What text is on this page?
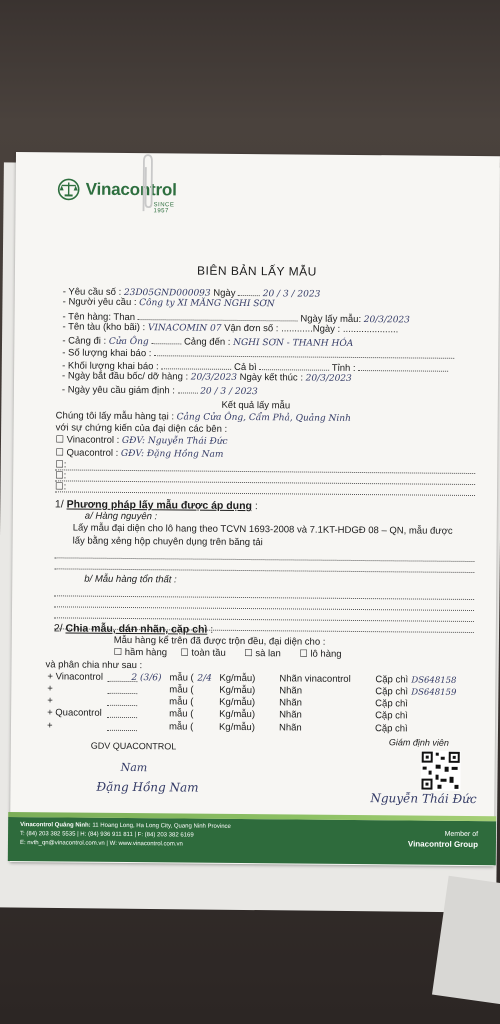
Vinacontrol
SINCE 1957
BIÊN BẢN LẤY MẪU
- Yêu cầu số : 23D05GND000093 Ngày	20 / 3 / 2023
- Người yêu cầu : Công ty XI MĂNG NGHI SƠN
- Tên hàng: Than	Ngày lấy mẫu: 20/3/2023
- Tên tàu (kho bãi) : VINACOMIN 07 Vận đơn số : ............Ngày : .....................
- Cảng đi : Cửa Ông	Cảng đến : NGHI SƠN - THANH HÓA
- Số lượng khai báo :
- Khối lượng khai báo :	Cả bì	Tỉnh :
- Ngày bắt đầu bốc/ dỡ hàng : 20/3/2023 Ngày kết thúc : 20/3/2023
- Ngày yêu cầu giám định :	20 / 3 / 2023
Kết quả lấy mẫu
Chúng tôi lấy mẫu hàng tại : Cảng Cửa Ông, Cẩm Phả, Quảng Ninh
với sự chứng kiến của đại diện các bên :
☐ Vinacontrol : GĐV: Nguyễn Thái Đức
☐ Quacontrol : GĐV: Đặng Hồng Nam
☐:
☐:
☐:
1/ Phương pháp lấy mẫu được áp dụng :
a/ Hàng nguyên :
Lấy mẫu đại diện cho lô hang theo TCVN 1693-2008 và 7.1KT-HDGĐ 08 – QN, mẫu được
lấy bằng xẻng hộp chuyên dụng trên băng tải
b/ Mẫu hàng tổn thất :
2/ Chia mẫu, dán nhãn, cặp chì :
Mẫu hàng kể trên đã được trộn đều, đại diện cho :
☐ hầm hàng     ☐ toàn tầu       ☐ sà lan       ☐ lô hàng
và phân chia như sau :
+ Vinacontrol	2 (3/6) mẫu ( 2/4 Kg/mẫu)	Nhãn vinacontrol	Cặp chì DS648158
+	mẫu (	Kg/mẫu)	Nhãn	Cặp chì DS648159
+	mẫu (	Kg/mẫu)	Nhãn	Cặp chì
+ Quacontrol	mẫu (	Kg/mẫu)	Nhãn	Cặp chì
+	mẫu (	Kg/mẫu)	Nhãn	Cặp chì
GDV QUACONTROL
Nam
Đặng Hồng Nam
Giám định viên
Nguyễn Thái Đức
Vinacontrol Quảng Ninh: 11 Hoang Long, Ha Long City, Quang Ninh Province
T: (84) 203 382 5535 | H: (84) 936 911 811 | F: (84) 203 382 6169
E: nvth_qn@vinacontrol.com.vn | W: www.vinacontrol.com.vn
Member of
Vinacontrol Group
